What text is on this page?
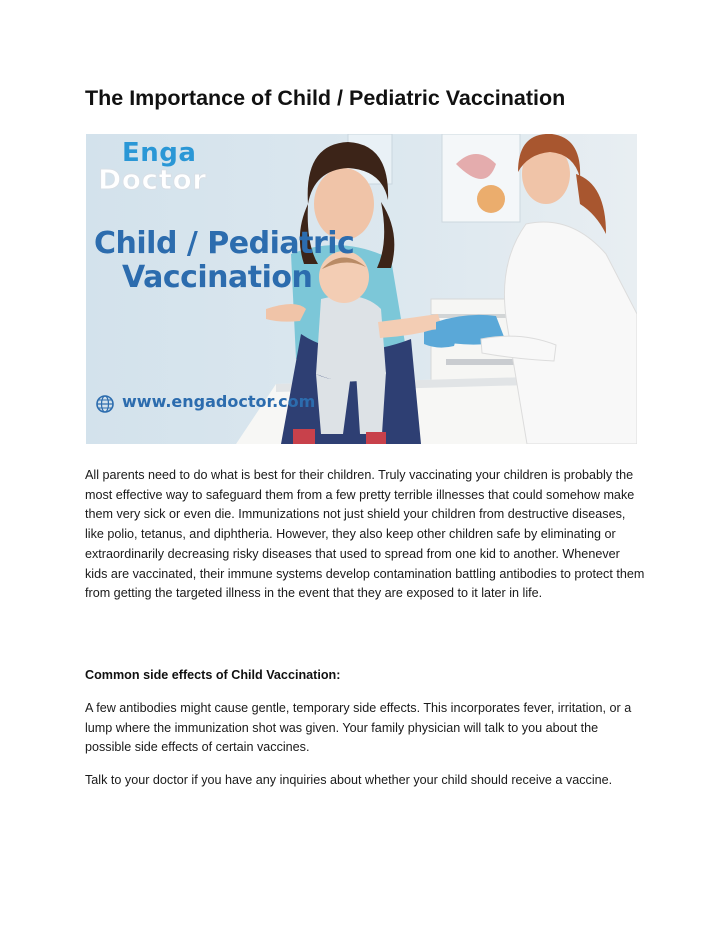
The Importance of Child / Pediatric Vaccination
Enga
Doctor
Child / Pediatric
Vaccination
www.engadoctor.com

All parents need to do what is best for their children. Truly vaccinating your children is probably the most effective way to safeguard them from a few pretty terrible illnesses that could somehow make them very sick or even die. Immunizations not just shield your children from destructive diseases, like polio, tetanus, and diphtheria. However, they also keep other children safe by eliminating or extraordinarily decreasing risky diseases that used to spread from one kid to another. Whenever kids are vaccinated, their immune systems develop contamination battling antibodies to protect them from getting the targeted illness in the event that they are exposed to it later in life.

Common side effects of Child Vaccination:

A few antibodies might cause gentle, temporary side effects. This incorporates fever, irritation, or a lump where the immunization shot was given. Your family physician will talk to you about the possible side effects of certain vaccines.

Talk to your doctor if you have any inquiries about whether your child should receive a vaccine.
